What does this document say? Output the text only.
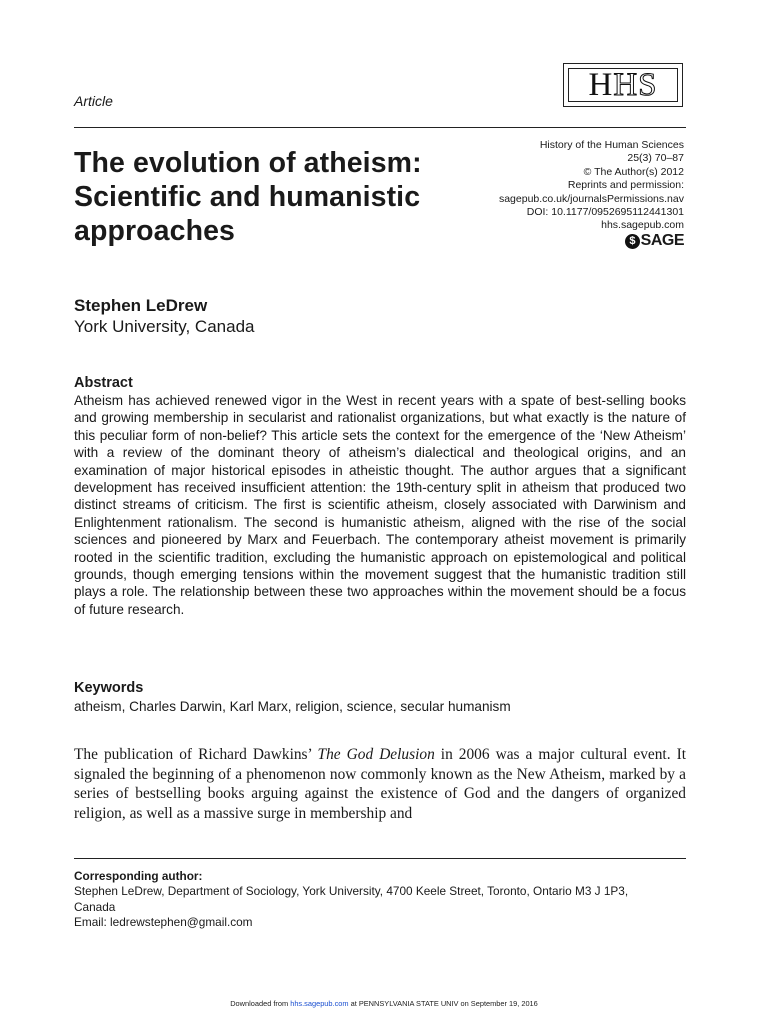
Article	H HS
History of the Human Sciences
25(3) 70–87
© The Author(s) 2012
Reprints and permission:
sagepub.co.uk/journalsPermissions.nav
DOI: 10.1177/0952695112441301
hhs.sagepub.com
$ SAGE
The evolution of atheism:
Scientific and humanistic
approaches
Stephen LeDrew
York University, Canada
Abstract
Atheism has achieved renewed vigor in the West in recent years with a spate of best-selling books and growing membership in secularist and rationalist organizations, but what exactly is the nature of this peculiar form of non-belief? This article sets the context for the emergence of the ‘New Atheism’ with a review of the dominant theory of atheism’s dialectical and theological origins, and an examination of major historical episodes in atheistic thought. The author argues that a significant development has received insufficient attention: the 19th-century split in atheism that produced two distinct streams of criticism. The first is scientific atheism, closely associated with Darwinism and Enlightenment rationalism. The second is humanistic atheism, aligned with the rise of the social sciences and pioneered by Marx and Feuerbach. The contemporary atheist movement is primarily rooted in the scientific tradition, excluding the humanistic approach on epistemological and political grounds, though emerging tensions within the movement suggest that the humanistic tradition still plays a role. The relationship between these two approaches within the movement should be a focus of future research.
Keywords
atheism, Charles Darwin, Karl Marx, religion, science, secular humanism
The publication of Richard Dawkins’ The God Delusion in 2006 was a major cultural event. It signaled the beginning of a phenomenon now commonly known as the New Atheism, marked by a series of bestselling books arguing against the existence of God and the dangers of organized religion, as well as a massive surge in membership and
Corresponding author:
Stephen LeDrew, Department of Sociology, York University, 4700 Keele Street, Toronto, Ontario M3 J 1P3,
Canada
Email: ledrewstephen@gmail.com
Downloaded from hhs.sagepub.com at PENNSYLVANIA STATE UNIV on September 19, 2016
